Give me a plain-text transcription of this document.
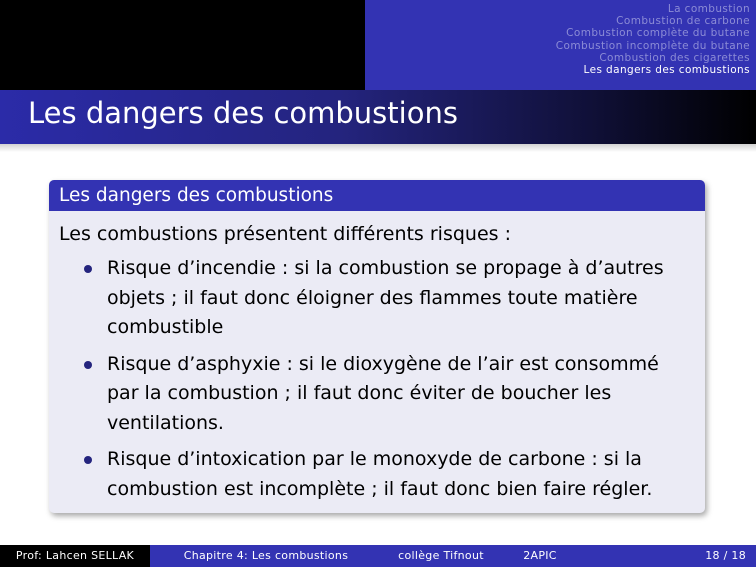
La combustion
Combustion de carbone
Combustion complète du butane
Combustion incomplète du butane
Combustion des cigarettes
Les dangers des combustions
Les dangers des combustions
Les dangers des combustions

Les combustions présentent différents risques :

Risque d’incendie : si la combustion se propage à d’autres objets ; il faut donc éloigner des flammes toute matière combustible
Risque d’asphyxie : si le dioxygène de l’air est consommé par la combustion ; il faut donc éviter de boucher les ventilations.
Risque d’intoxication par le monoxyde de carbone : si la combustion est incomplète ; il faut donc bien faire régler.
Prof: Lahcen SELLAK	Chapitre 4: Les combustions	collège Tifnout	2APIC	18 / 18
